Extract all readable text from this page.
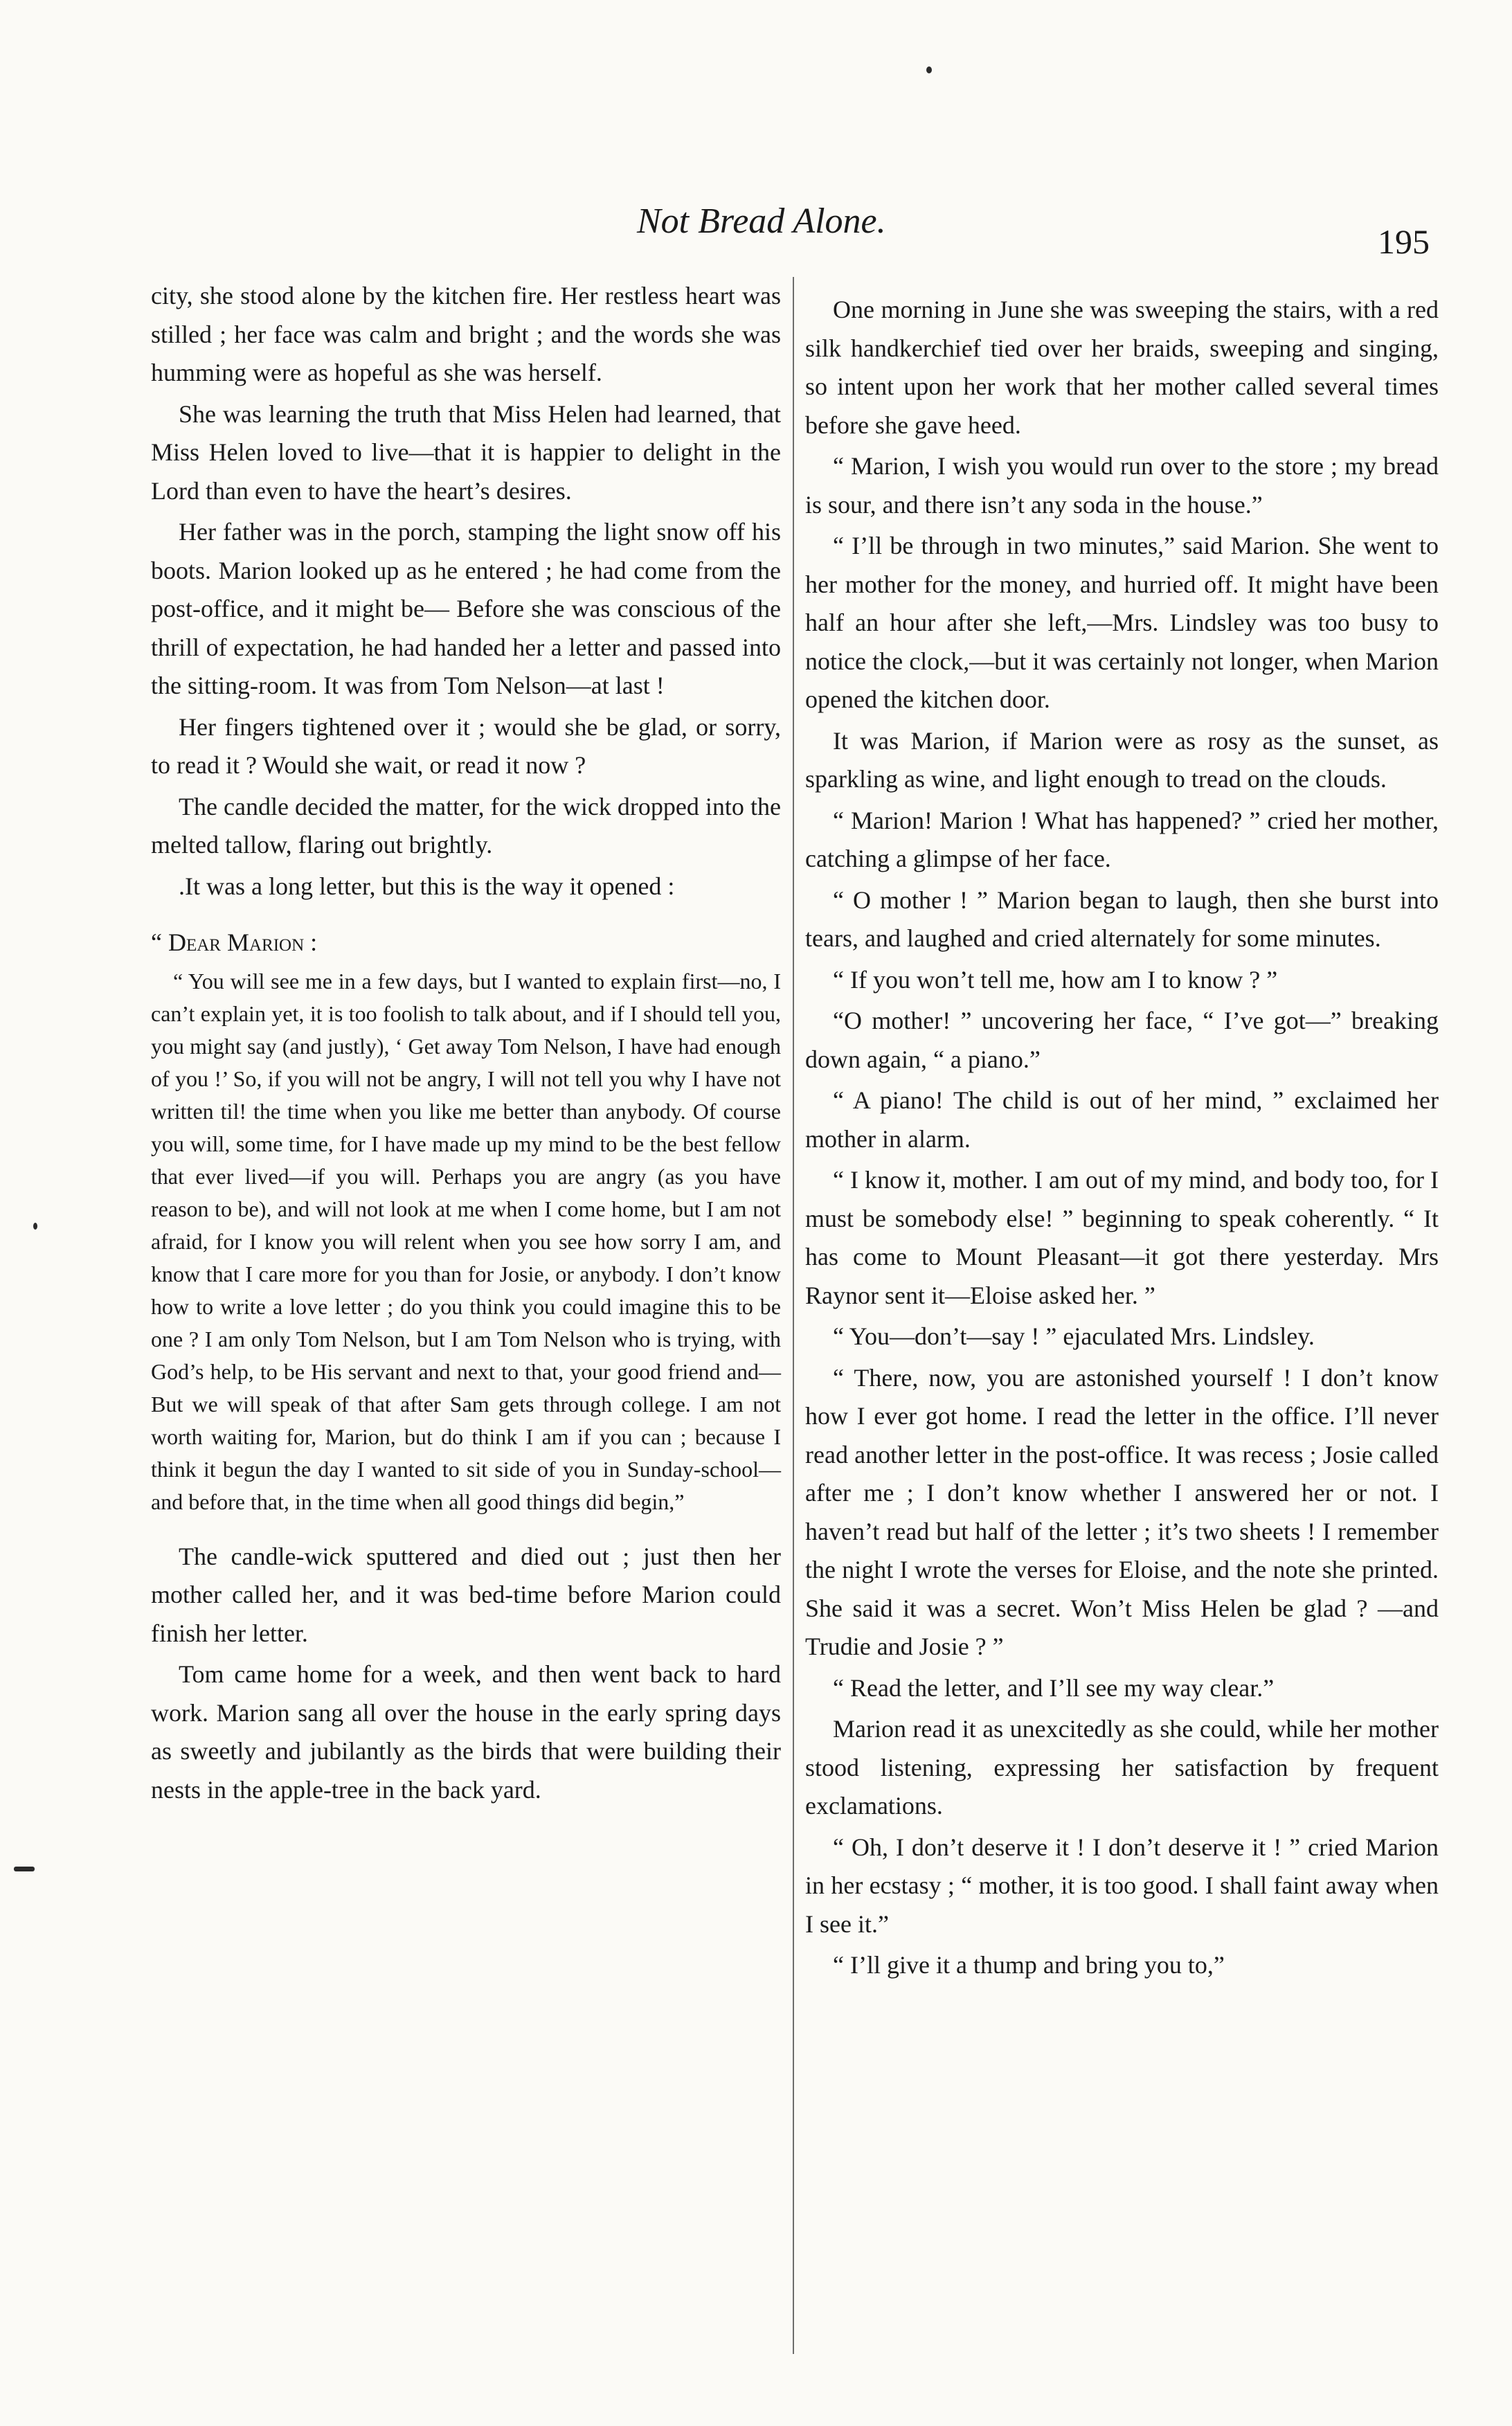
Not Bread Alone.
195

city, she stood alone by the kitchen fire. Her restless heart was stilled ; her face was calm and bright ; and the words she was humming were as hopeful as she was herself.

She was learning the truth that Miss Helen had learned, that Miss Helen loved to live—that it is happier to delight in the Lord than even to have the heart’s desires.

Her father was in the porch, stamping the light snow off his boots. Marion looked up as he entered ; he had come from the post-office, and it might be— Before she was conscious of the thrill of expectation, he had handed her a letter and passed into the sitting-room. It was from Tom Nelson—at last !

Her fingers tightened over it ; would she be glad, or sorry, to read it ? Would she wait, or read it now ?

The candle decided the matter, for the wick dropped into the melted tallow, flaring out brightly.

.It was a long letter, but this is the way it opened :

“ Dear Marion :

“ You will see me in a few days, but I wanted to explain first—no, I can’t explain yet, it is too foolish to talk about, and if I should tell you, you might say (and justly), ‘ Get away Tom Nelson, I have had enough of you !’ So, if you will not be angry, I will not tell you why I have not written til! the time when you like me better than anybody. Of course you will, some time, for I have made up my mind to be the best fellow that ever lived—if you will. Perhaps you are angry (as you have reason to be), and will not look at me when I come home, but I am not afraid, for I know you will relent when you see how sorry I am, and know that I care more for you than for Josie, or anybody. I don’t know how to write a love letter ; do you think you could imagine this to be one ? I am only Tom Nelson, but I am Tom Nelson who is trying, with God’s help, to be His servant and next to that, your good friend and— But we will speak of that after Sam gets through college. I am not worth waiting for, Marion, but do think I am if you can ; because I think it begun the day I wanted to sit side of you in Sunday-school—and before that, in the time when all good things did begin,”

The candle-wick sputtered and died out ; just then her mother called her, and it was bed-time before Marion could finish her letter.

Tom came home for a week, and then went back to hard work. Marion sang all over the house in the early spring days as sweetly and jubilantly as the birds that were building their nests in the apple-tree in the back yard.

One morning in June she was sweeping the stairs, with a red silk handkerchief tied over her braids, sweeping and singing, so intent upon her work that her mother called several times before she gave heed.

“ Marion, I wish you would run over to the store ; my bread is sour, and there isn’t any soda in the house.”

“ I’ll be through in two minutes,” said Marion. She went to her mother for the money, and hurried off. It might have been half an hour after she left,—Mrs. Lindsley was too busy to notice the clock,—but it was certainly not longer, when Marion opened the kitchen door.

It was Marion, if Marion were as rosy as the sunset, as sparkling as wine, and light enough to tread on the clouds.

“ Marion! Marion ! What has happened? ” cried her mother, catching a glimpse of her face.

“ O mother ! ” Marion began to laugh, then she burst into tears, and laughed and cried alternately for some minutes.

“ If you won’t tell me, how am I to know ? ”

“O mother! ” uncovering her face, “ I’ve got—” breaking down again, “ a piano.”

“ A piano! The child is out of her mind, ” exclaimed her mother in alarm.

“ I know it, mother. I am out of my mind, and body too, for I must be somebody else! ” beginning to speak coherently. “ It has come to Mount Pleasant—it got there yesterday. Mrs Raynor sent it—Eloise asked her. ”

“ You—don’t—say ! ” ejaculated Mrs. Lindsley.

“ There, now, you are astonished yourself ! I don’t know how I ever got home. I read the letter in the office. I’ll never read another letter in the post-office. It was recess ; Josie called after me ; I don’t know whether I answered her or not. I haven’t read but half of the letter ; it’s two sheets ! I remember the night I wrote the verses for Eloise, and the note she printed. She said it was a secret. Won’t Miss Helen be glad ? —and Trudie and Josie ? ”

“ Read the letter, and I’ll see my way clear.”

Marion read it as unexcitedly as she could, while her mother stood listening, expressing her satisfaction by frequent exclamations.

“ Oh, I don’t deserve it ! I don’t deserve it ! ” cried Marion in her ecstasy ; “ mother, it is too good. I shall faint away when I see it.”

“ I’ll give it a thump and bring you to,”
